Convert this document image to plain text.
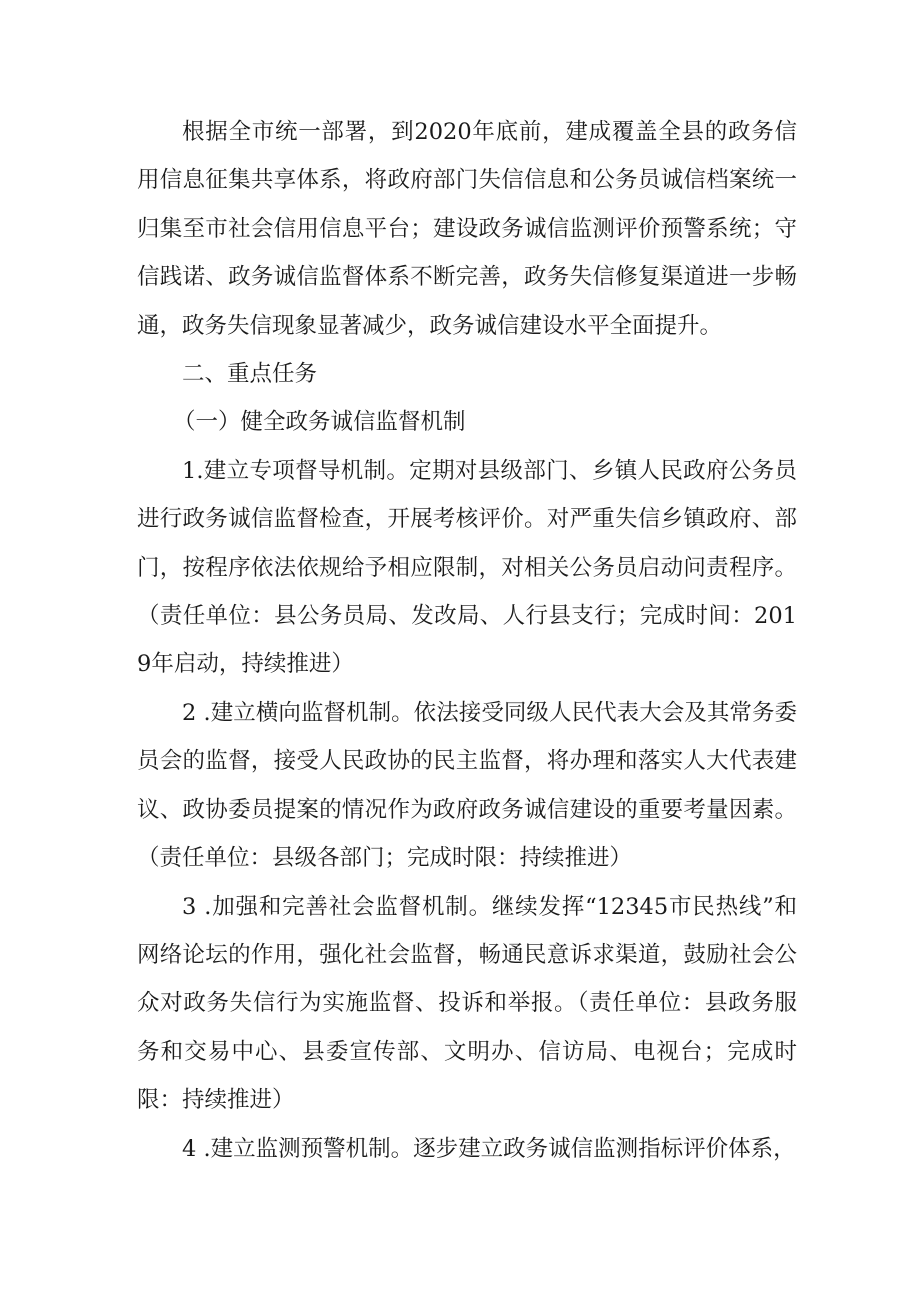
根据全市统一部署，到2020年底前，建成覆盖全县的政务信用信息征集共享体系，将政府部门失信信息和公务员诚信档案统一归集至市社会信用信息平台；建设政务诚信监测评价预警系统；守信践诺、政务诚信监督体系不断完善，政务失信修复渠道进一步畅通，政务失信现象显著减少，政务诚信建设水平全面提升。

二、重点任务

（一）健全政务诚信监督机制

1.建立专项督导机制。定期对县级部门、乡镇人民政府公务员进行政务诚信监督检查，开展考核评价。对严重失信乡镇政府、部门，按程序依法依规给予相应限制，对相关公务员启动问责程序。（责任单位：县公务员局、发改局、人行县支行；完成时间：2019年启动，持续推进）

2 .建立横向监督机制。依法接受同级人民代表大会及其常务委员会的监督，接受人民政协的民主监督，将办理和落实人大代表建议、政协委员提案的情况作为政府政务诚信建设的重要考量因素。（责任单位：县级各部门；完成时限：持续推进）

3 .加强和完善社会监督机制。继续发挥“12345市民热线”和网络论坛的作用，强化社会监督，畅通民意诉求渠道，鼓励社会公众对政务失信行为实施监督、投诉和举报。（责任单位：县政务服务和交易中心、县委宣传部、文明办、信访局、电视台；完成时限：持续推进）

4 .建立监测预警机制。逐步建立政务诚信监测指标评价体系，
